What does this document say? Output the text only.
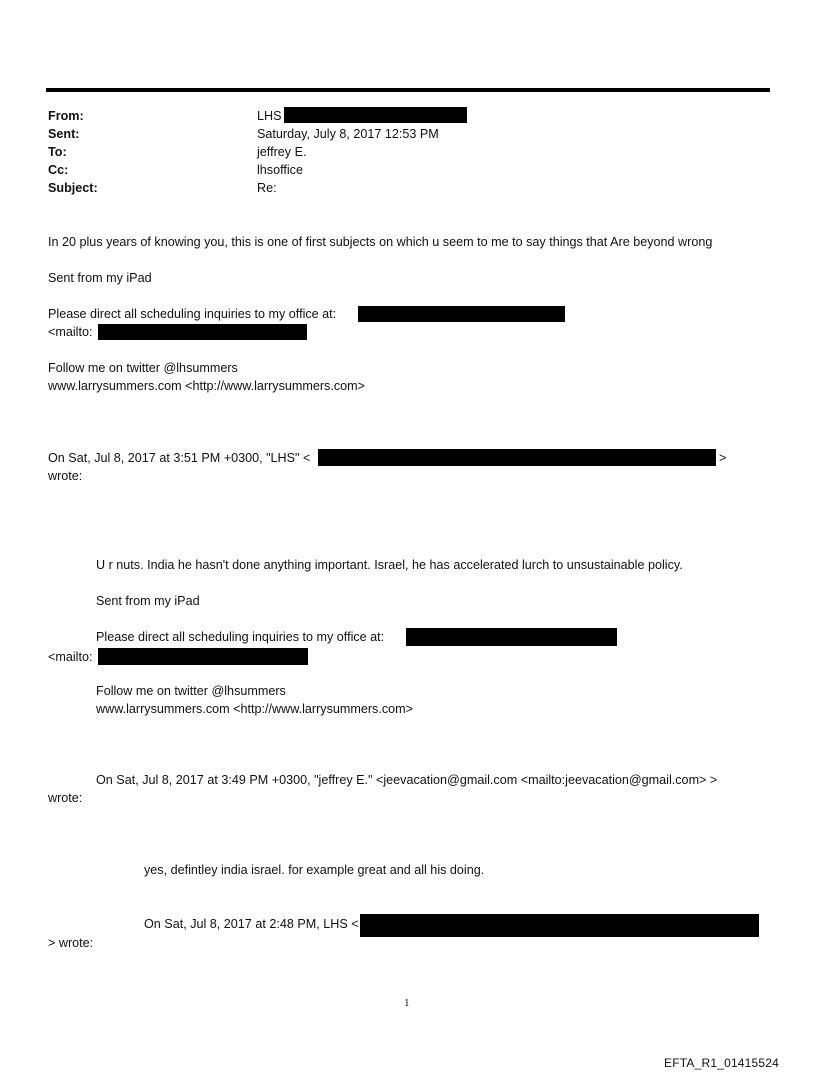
From:	LHS
Sent:	Saturday, July 8, 2017 12:53 PM
To:	jeffrey E.
Cc:	lhsoffice
Subject:	Re:
In 20 plus years of knowing you, this is one of first subjects on which u seem to me to say things that Are beyond wrong
Sent from my iPad
Please direct all scheduling inquiries to my office at:
<mailto:
Follow me on twitter @lhsummers
www.larrysummers.com <http://www.larrysummers.com>
On Sat, Jul 8, 2017 at 3:51 PM +0300, "LHS" <	>
wrote:
U r nuts. India he hasn't done anything important. Israel, he has accelerated lurch to unsustainable policy.
Sent from my iPad
Please direct all scheduling inquiries to my office at:
<mailto:
Follow me on twitter @lhsummers
www.larrysummers.com <http://www.larrysummers.com>
On Sat, Jul 8, 2017 at 3:49 PM +0300, "jeffrey E." <jeevacation@gmail.com <mailto:jeevacation@gmail.com> >
wrote:
yes, defintley india israel. for example great and all his doing.
On Sat, Jul 8, 2017 at 2:48 PM, LHS <
> wrote:
1
EFTA_R1_01415524
